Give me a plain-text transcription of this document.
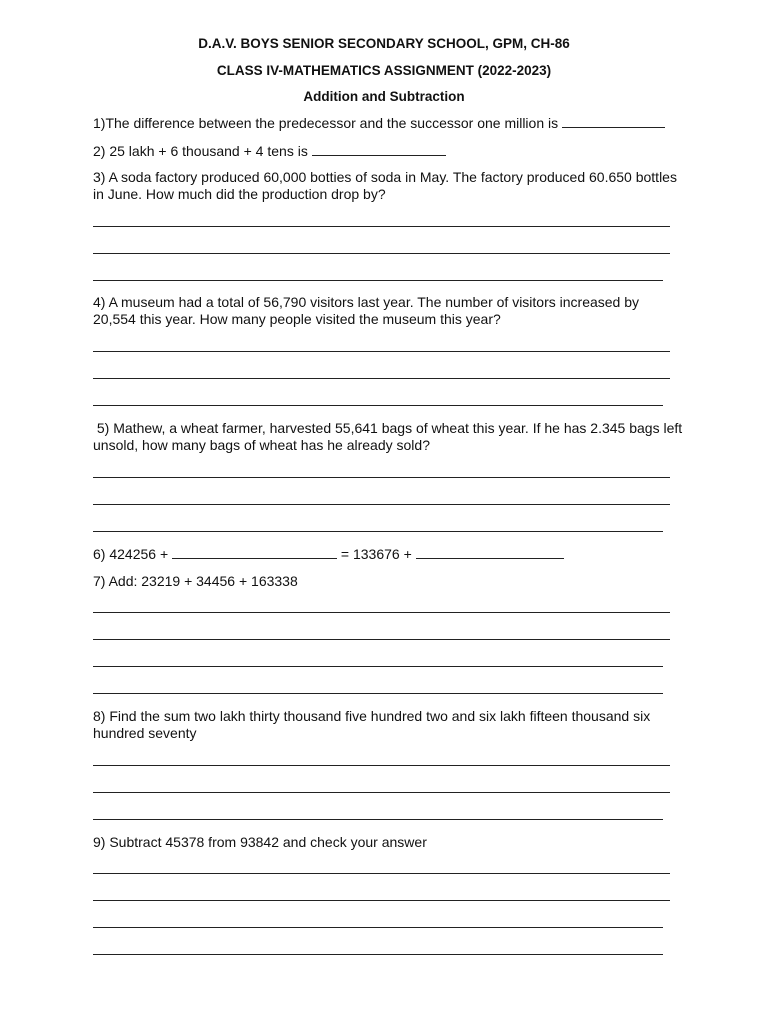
D.A.V. BOYS SENIOR SECONDARY SCHOOL, GPM, CH-86
CLASS IV-MATHEMATICS ASSIGNMENT (2022-2023)
Addition and Subtraction
1)The difference between the predecessor and the successor one million is
2) 25 lakh + 6 thousand + 4 tens is
3) A soda factory produced 60,000 botties of soda in May. The factory produced 60.650 bottles in June. How much did the production drop by?
4) A museum had a total of 56,790 visitors last year. The number of visitors increased by 20,554 this year. How many people visited the museum this year?
5) Mathew, a wheat farmer, harvested 55,641 bags of wheat this year. If he has 2.345 bags left unsold, how many bags of wheat has he already sold?
6) 424256 +	= 133676 +
7) Add: 23219 + 34456 + 163338
8) Find the sum two lakh thirty thousand five hundred two and six lakh fifteen thousand six hundred seventy
9) Subtract 45378 from 93842 and check your answer
